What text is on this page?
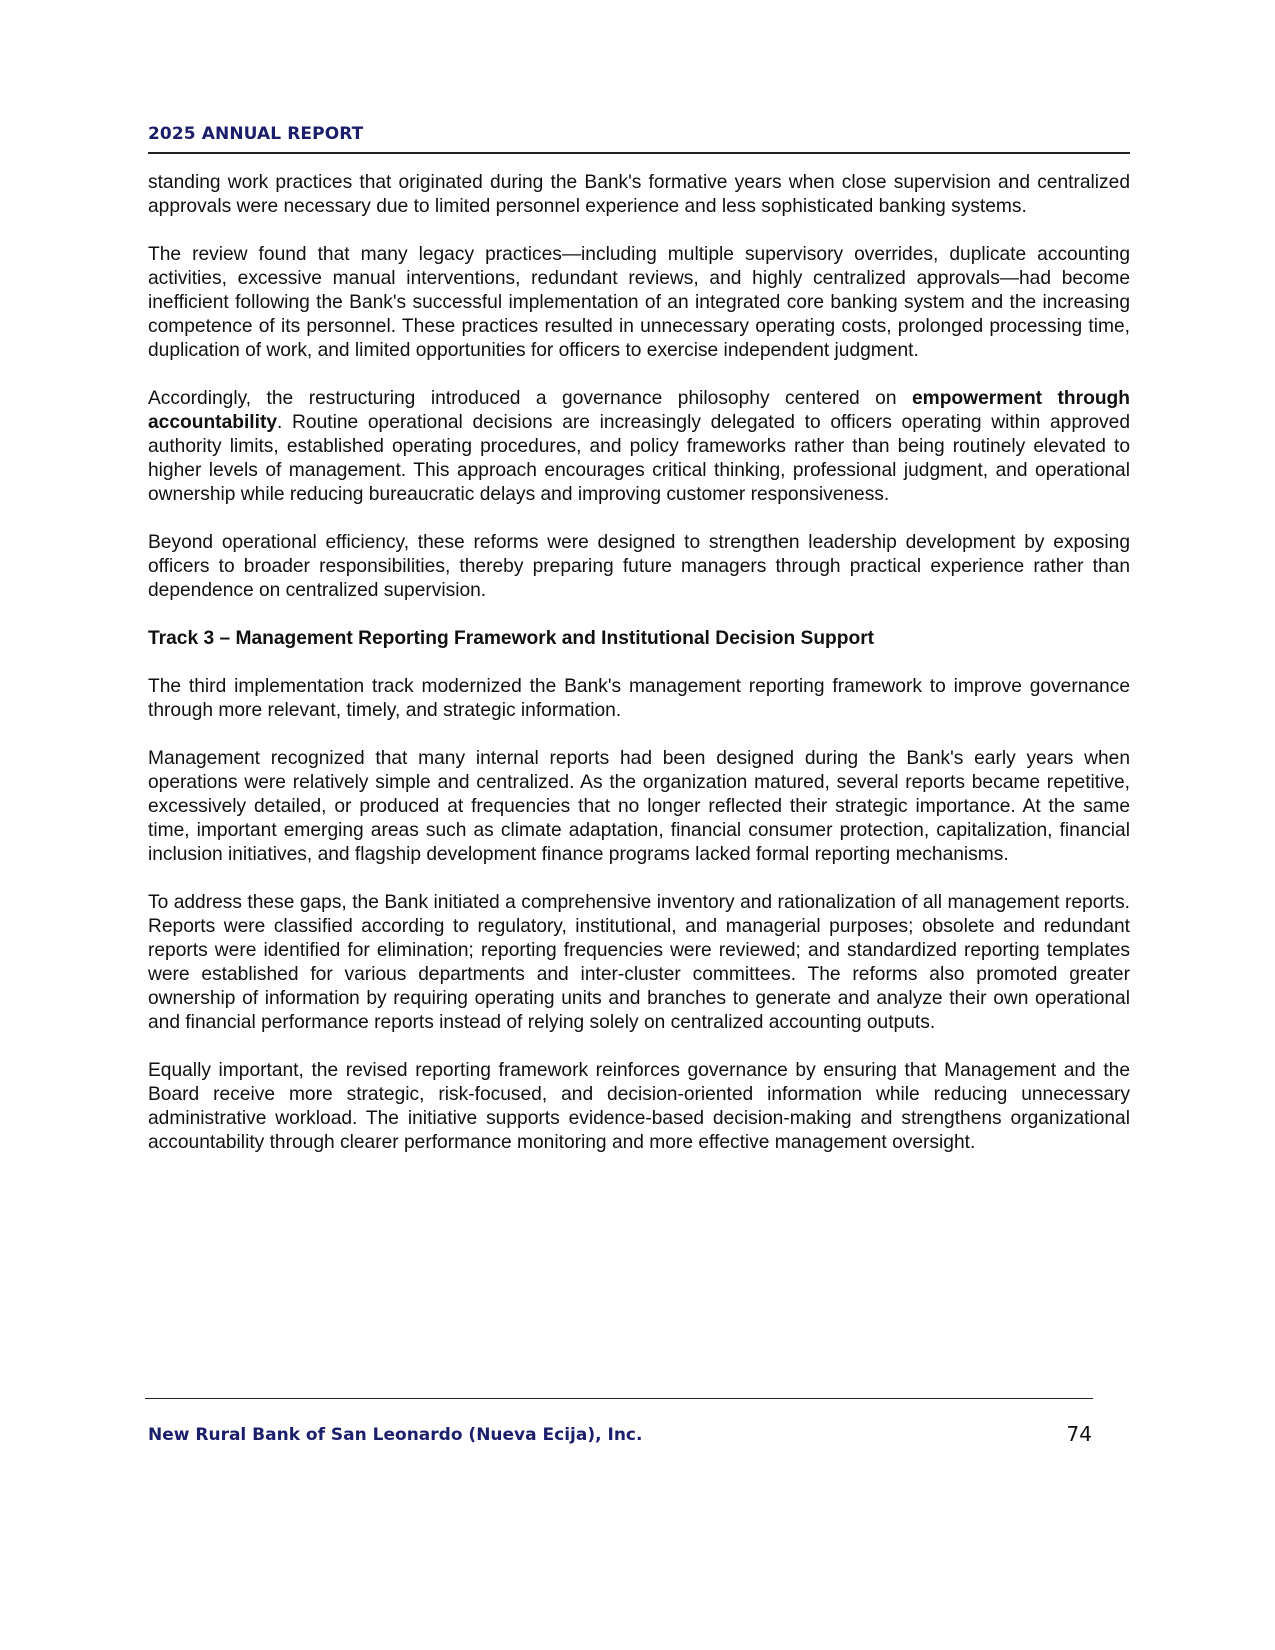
2025 ANNUAL REPORT

standing work practices that originated during the Bank's formative years when close supervision and centralized approvals were necessary due to limited personnel experience and less sophisticated banking systems.

The review found that many legacy practices—including multiple supervisory overrides, duplicate accounting activities, excessive manual interventions, redundant reviews, and highly centralized approvals—had become inefficient following the Bank's successful implementation of an integrated core banking system and the increasing competence of its personnel. These practices resulted in unnecessary operating costs, prolonged processing time, duplication of work, and limited opportunities for officers to exercise independent judgment.

Accordingly, the restructuring introduced a governance philosophy centered on empowerment through accountability. Routine operational decisions are increasingly delegated to officers operating within approved authority limits, established operating procedures, and policy frameworks rather than being routinely elevated to higher levels of management. This approach encourages critical thinking, professional judgment, and operational ownership while reducing bureaucratic delays and improving customer responsiveness.

Beyond operational efficiency, these reforms were designed to strengthen leadership development by exposing officers to broader responsibilities, thereby preparing future managers through practical experience rather than dependence on centralized supervision.

Track 3 – Management Reporting Framework and Institutional Decision Support

The third implementation track modernized the Bank's management reporting framework to improve governance through more relevant, timely, and strategic information.

Management recognized that many internal reports had been designed during the Bank's early years when operations were relatively simple and centralized. As the organization matured, several reports became repetitive, excessively detailed, or produced at frequencies that no longer reflected their strategic importance. At the same time, important emerging areas such as climate adaptation, financial consumer protection, capitalization, financial inclusion initiatives, and flagship development finance programs lacked formal reporting mechanisms.

To address these gaps, the Bank initiated a comprehensive inventory and rationalization of all management reports. Reports were classified according to regulatory, institutional, and managerial purposes; obsolete and redundant reports were identified for elimination; reporting frequencies were reviewed; and standardized reporting templates were established for various departments and inter-cluster committees. The reforms also promoted greater ownership of information by requiring operating units and branches to generate and analyze their own operational and financial performance reports instead of relying solely on centralized accounting outputs.

Equally important, the revised reporting framework reinforces governance by ensuring that Management and the Board receive more strategic, risk-focused, and decision-oriented information while reducing unnecessary administrative workload. The initiative supports evidence-based decision-making and strengthens organizational accountability through clearer performance monitoring and more effective management oversight.

New Rural Bank of San Leonardo (Nueva Ecija), Inc.	74
